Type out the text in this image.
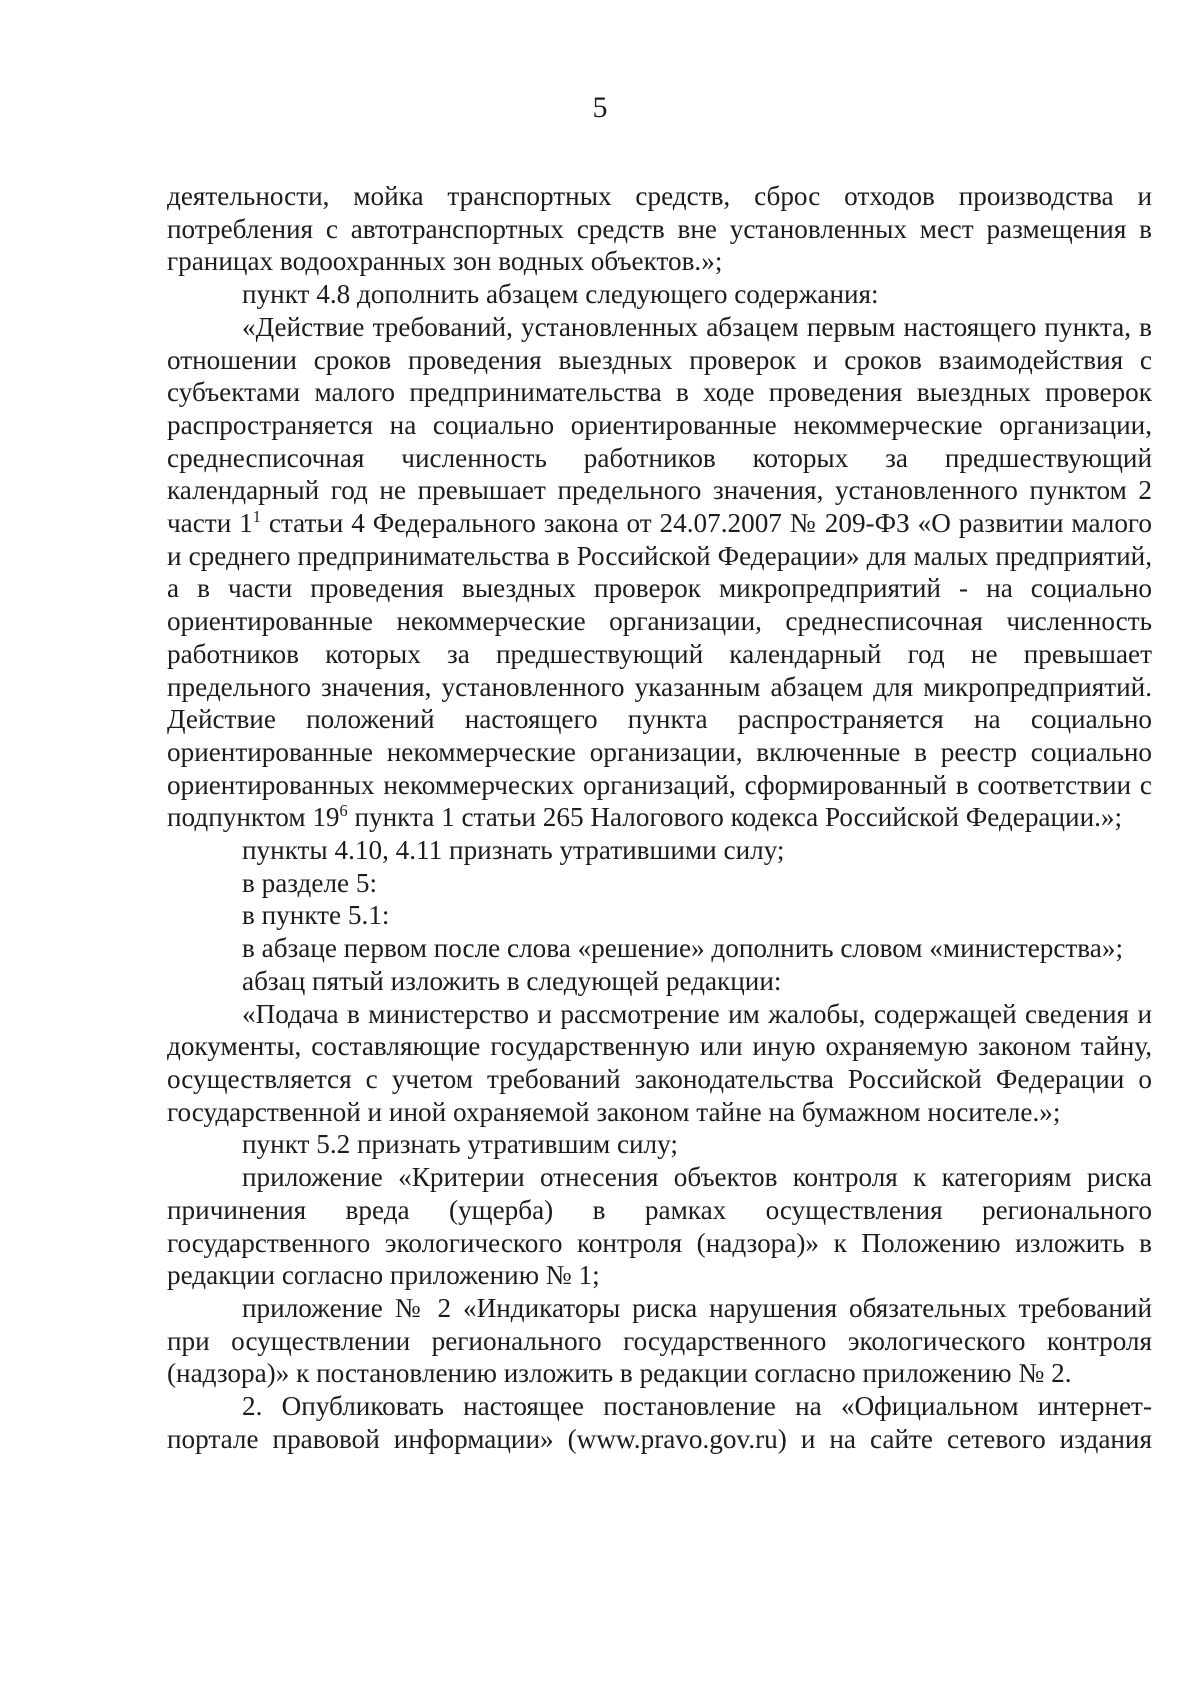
5

деятельности, мойка транспортных средств, сброс отходов производства и потребления с автотранспортных средств вне установленных мест размещения в границах водоохранных зон водных объектов.»;

пункт 4.8 дополнить абзацем следующего содержания:

«Действие требований, установленных абзацем первым настоящего пункта, в отношении сроков проведения выездных проверок и сроков взаимодействия с субъектами малого предпринимательства в ходе проведения выездных проверок распространяется на социально ориентированные некоммерческие организации, среднесписочная численность работников которых за предшествующий календарный год не превышает предельного значения, установленного пунктом 2 части $1^1$ статьи 4 Федерального закона от 24.07.2007 № 209-ФЗ «О развитии малого и среднего предпринимательства в Российской Федерации» для малых предприятий, а в части проведения выездных проверок микропредприятий - на социально ориентированные некоммерческие организации, среднесписочная численность работников которых за предшествующий календарный год не превышает предельного значения, установленного указанным абзацем для микропредприятий. Действие положений настоящего пункта распространяется на социально ориентированные некоммерческие организации, включенные в реестр социально ориентированных некоммерческих организаций, сформированный в соответствии с подпунктом $19^6$ пункта 1 статьи 265 Налогового кодекса Российской Федерации.»;

пункты 4.10, 4.11 признать утратившими силу;

в разделе 5:

в пункте 5.1:

в абзаце первом после слова «решение» дополнить словом «министерства»;

абзац пятый изложить в следующей редакции:

«Подача в министерство и рассмотрение им жалобы, содержащей сведения и документы, составляющие государственную или иную охраняемую законом тайну, осуществляется с учетом требований законодательства Российской Федерации о государственной и иной охраняемой законом тайне на бумажном носителе.»;

пункт 5.2 признать утратившим силу;

приложение «Критерии отнесения объектов контроля к категориям риска причинения вреда (ущерба) в рамках осуществления регионального государственного экологического контроля (надзора)» к Положению изложить в редакции согласно приложению № 1;

приложение № 2 «Индикаторы риска нарушения обязательных требований при осуществлении регионального государственного экологического контроля (надзора)» к постановлению изложить в редакции согласно приложению № 2.

2. Опубликовать настоящее постановление на «Официальном интернет-портале правовой информации» (www.pravo.gov.ru) и на сайте сетевого издания
